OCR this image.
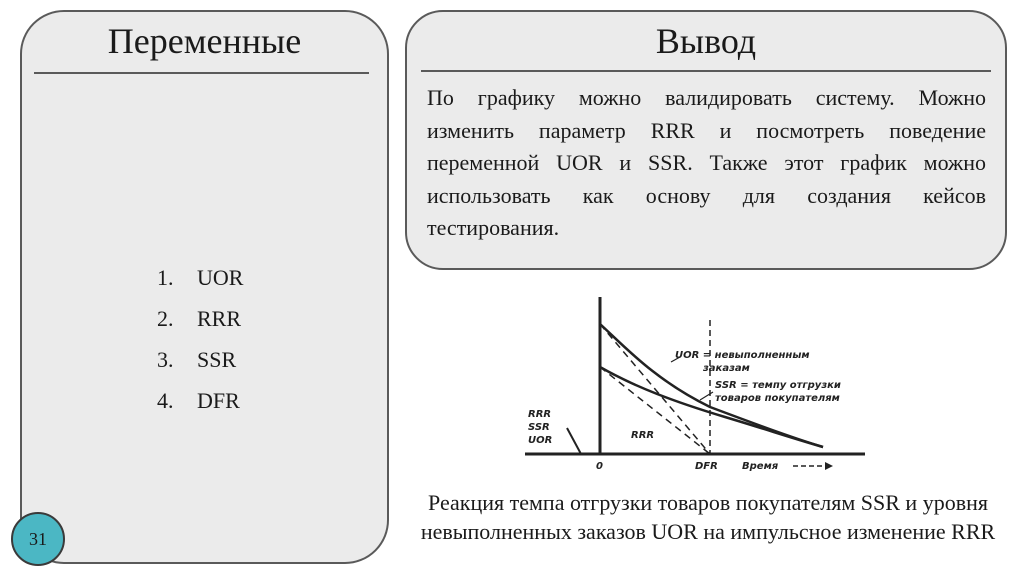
Переменные
1. UOR
2. RRR
3. SSR
4. DFR
Вывод
По графику можно валидировать систему. Можно изменить параметр RRR и посмотреть поведение переменной UOR и SSR. Также этот график можно использовать как основу для создания кейсов тестирования.
RRR
SSR
UOR
0	DFR Время
UOR = невыполненным
заказам
SSR = темпу отгрузки
товаров покупателям
RRR
Реакция темпа отгрузки товаров покупателям SSR и уровня невыполненных заказов UOR на импульсное изменение RRR
31
